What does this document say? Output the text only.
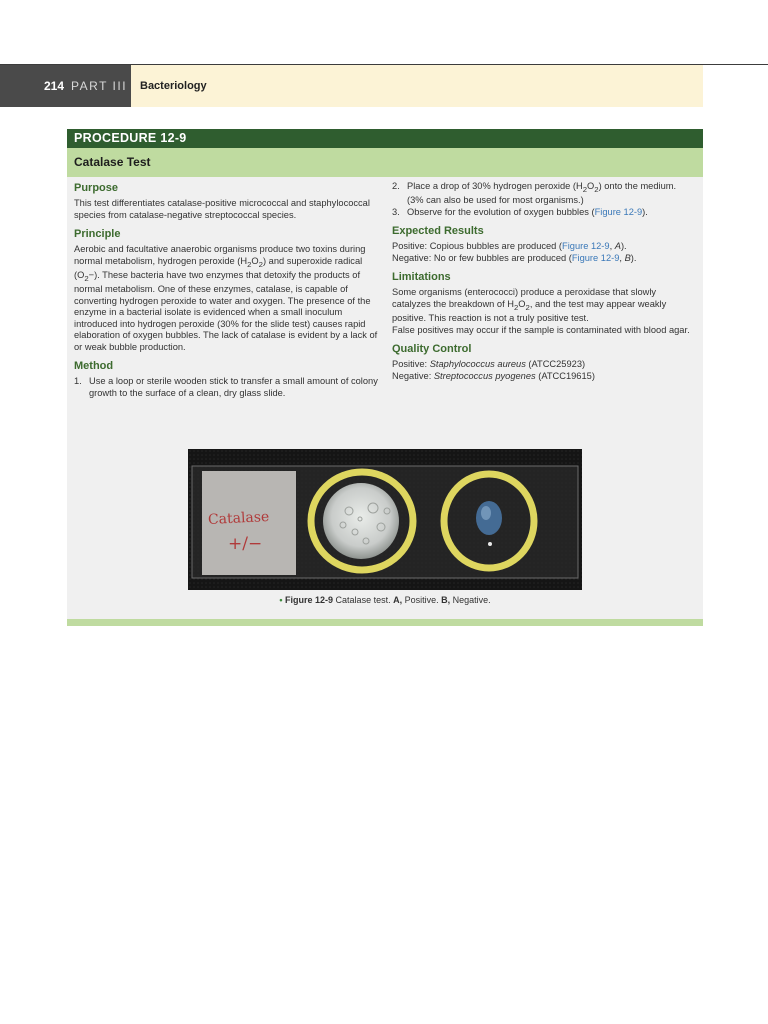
214 PART III	Bacteriology
PROCEDURE 12-9
Catalase Test
Purpose

This test differentiates catalase-positive micrococcal and staphylococcal species from catalase-negative streptococcal species.

Principle

Aerobic and facultative anaerobic organisms produce two toxins during normal metabolism, hydrogen peroxide $(H_2O_2)$ and superoxide radical $(O_2-)$. These bacteria have two enzymes that detoxify the products of normal metabolism. One of these enzymes, catalase, is capable of converting hydrogen peroxide to water and oxygen. The presence of the enzyme in a bacterial isolate is evidenced when a small inoculum introduced into hydrogen peroxide (30% for the slide test) causes rapid elaboration of oxygen bubbles. The lack of catalase is evident by a lack of or weak bubble production.

Method
1. Use a loop or sterile wooden stick to transfer a small amount of colony growth to the surface of a clean, dry glass slide.
2. Place a drop of 30% hydrogen peroxide $(H_2O_2)$ onto the medium. (3% can also be used for most organisms.)
3. Observe for the evolution of oxygen bubbles (Figure 12-9).
Expected Results

Positive: Copious bubbles are produced (Figure 12-9, A).

Negative: No or few bubbles are produced (Figure 12-9, B).

Limitations

Some organisms (enterococci) produce a peroxidase that slowly catalyzes the breakdown of $H_2O_2$, and the test may appear weakly positive. This reaction is not a truly positive test.

False positives may occur if the sample is contaminated with blood agar.

Quality Control

Positive: Staphylococcus aureus (ATCC25923)

Negative: Streptococcus pyogenes (ATCC19615)

Catalase
+/−
• Figure 12-9 Catalase test. A, Positive. B, Negative.
